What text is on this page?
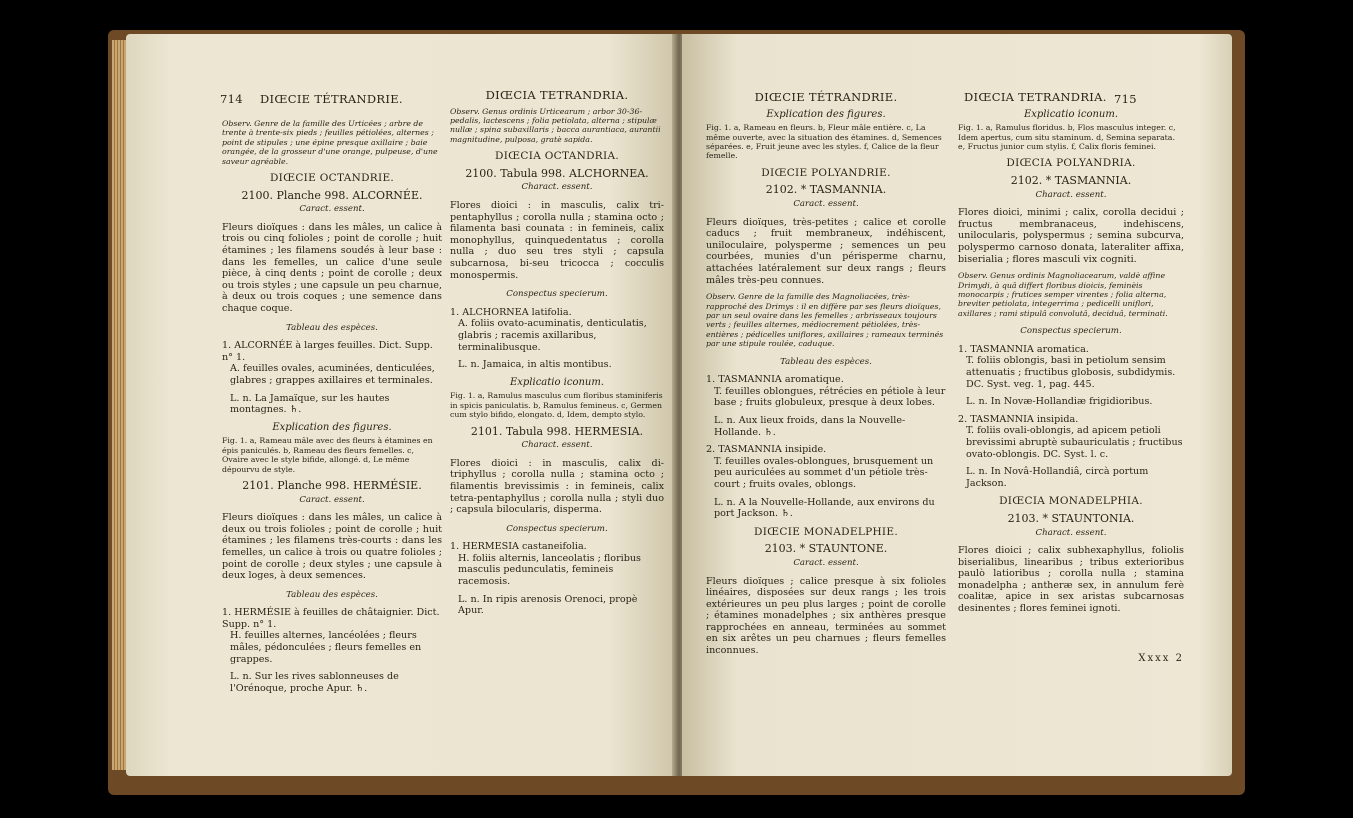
714 DIŒCIE TÉTRANDRIE.
Observ. Genre de la famille des Urticées ; arbre de trente à trente-six pieds ; feuilles pétiolées, alternes ; point de stipules ; une épine presque axillaire ; baie orangée, de la grosseur d'une orange, pulpeuse, d'une saveur agréable.
DIŒCIE OCTANDRIE.
2100. Planche 998. ALCORNÉE.
Caract. essent.
Fleurs dioïques : dans les mâles, un calice à trois ou cinq folioles ; point de corolle ; huit étamines ; les filamens soudés à leur base : dans les femelles, un calice d'une seule pièce, à cinq dents ; point de corolle ; deux ou trois styles ; une capsule un peu charnue, à deux ou trois coques ; une semence dans chaque coque.
Tableau des espèces.
1. ALCORNÉE à larges feuilles. Dict. Supp. n° 1.
A. feuilles ovales, acuminées, denticulées, glabres ; grappes axillaires et terminales.
L. n. La Jamaïque, sur les hautes montagnes. ♄.
Explication des figures.
Fig. 1. a, Rameau mâle avec des fleurs à étamines en épis paniculés. b, Rameau des fleurs femelles. c, Ovaire avec le style bifide, allongé. d, Le même dépourvu de style.
2101. Planche 998. HERMÉSIE.
Caract. essent.
Fleurs dioïques : dans les mâles, un calice à deux ou trois folioles ; point de corolle ; huit étamines ; les filamens très-courts : dans les femelles, un calice à trois ou quatre folioles ; point de corolle ; deux styles ; une capsule à deux loges, à deux semences.
Tableau des espèces.
1. HERMÉSIE à feuilles de châtaignier. Dict. Supp. n° 1.
H. feuilles alternes, lancéolées ; fleurs mâles, pédonculées ; fleurs femelles en grappes.
L. n. Sur les rives sablonneuses de l'Orénoque, proche Apur. ♄.
DIŒCIA TETRANDRIA.
Observ. Genus ordinis Urticearum ; arbor 30-36-pedalis, lactescens ; folia petiolata, alterna ; stipulæ nullæ ; spina subaxillaris ; bacca aurantiaca, aurantii magnitudine, pulposa, gratè sapida.
DIŒCIA OCTANDRIA.
2100. Tabula 998. ALCHORNEA.
Charact. essent.
Flores dioici : in masculis, calix tri-pentaphyllus ; corolla nulla ; stamina octo ; filamenta basi counata : in femineis, calix monophyllus, quinquedentatus ; corolla nulla ; duo seu tres styli ; capsula subcarnosa, bi-seu tricocca ; cocculis monospermis.
Conspectus specierum.
1. ALCHORNEA latifolia.
A. foliis ovato-acuminatis, denticulatis, glabris ; racemis axillaribus, terminalibusque.
L. n. Jamaica, in altis montibus.
Explicatio iconum.
Fig. 1. a, Ramulus masculus cum floribus staminiferis in spicis paniculatis. b, Ramulus femineus. c, Germen cum stylo bifido, elongato. d, Idem, dempto stylo.
2101. Tabula 998. HERMESIA.
Charact. essent.
Flores dioici : in masculis, calix di-triphyllus ; corolla nulla ; stamina octo ; filamentis brevissimis : in femineis, calix tetra-pentaphyllus ; corolla nulla ; styli duo ; capsula bilocularis, disperma.
Conspectus specierum.
1. HERMESIA castaneifolia.
H. foliis alternis, lanceolatis ; floribus masculis pedunculatis, femineis racemosis.
L. n. In ripis arenosis Orenoci, propè Apur.
DIŒCIE TÉTRANDRIE.
Explication des figures.
Fig. 1. a, Rameau en fleurs. b, Fleur mâle entière. c, La même ouverte, avec la situation des étamines. d, Semences séparées. e, Fruit jeune avec les styles. f, Calice de la fleur femelle.
DIŒCIE POLYANDRIE.
2102. * TASMANNIA.
Caract. essent.
Fleurs dioïques, très-petites ; calice et corolle caducs ; fruit membraneux, indéhiscent, uniloculaire, polysperme ; semences un peu courbées, munies d'un périsperme charnu, attachées latéralement sur deux rangs ; fleurs mâles très-peu connues.
Observ. Genre de la famille des Magnoliacées, très-rapproché des Drimys : il en diffère par ses fleurs dioïques, par un seul ovaire dans les femelles ; arbrisseaux toujours verts ; feuilles alternes, médiocrement pétiolées, très-entières ; pédicelles uniflores, axillaires ; rameaux terminés par une stipule roulée, caduque.
Tableau des espèces.
1. TASMANNIA aromatique.
T. feuilles oblongues, rétrécies en pétiole à leur base ; fruits globuleux, presque à deux lobes.
L. n. Aux lieux froids, dans la Nouvelle-Hollande. ♄.
2. TASMANNIA insipide.
T. feuilles ovales-oblongues, brusquement un peu auriculées au sommet d'un pétiole très-court ; fruits ovales, oblongs.
L. n. A la Nouvelle-Hollande, aux environs du port Jackson. ♄.
DIŒCIE MONADELPHIE.
2103. * STAUNTONE.
Caract. essent.
Fleurs dioïques ; calice presque à six folioles linéaires, disposées sur deux rangs ; les trois extérieures un peu plus larges ; point de corolle ; étamines monadelphes ; six anthères presque rapprochées en anneau, terminées au sommet en six arêtes un peu charnues ; fleurs femelles inconnues.
715
DIŒCIA TETRANDRIA.
Explicatio iconum.
Fig. 1. a, Ramulus floridus. b, Flos masculus integer. c, Idem apertus, cum situ staminum. d, Semina separata. e, Fructus junior cum stylis. f, Calix floris feminei.
DIŒCIA POLYANDRIA.
2102. * TASMANNIA.
Charact. essent.
Flores dioici, minimi ; calix, corolla decidui ; fructus membranaceus, indehiscens, unilocularis, polyspermus ; semina subcurva, polyspermo carnoso donata, lateraliter affixa, biserialia ; flores masculi vix cogniti.
Observ. Genus ordinis Magnoliacearum, valdè affine Drimydi, à quâ differt floribus dioicis, feminèis monocarpis ; frutices semper virentes ; folia alterna, breviter petiolata, integerrima ; pedicelli uniflori, axillares ; rami stipulâ convolutâ, deciduâ, terminati.
Conspectus specierum.
1. TASMANNIA aromatica.
T. foliis oblongis, basi in petiolum sensim attenuatis ; fructibus globosis, subdidymis. DC. Syst. veg. 1, pag. 445.
L. n. In Novæ-Hollandiæ frigidioribus.
2. TASMANNIA insipida.
T. foliis ovali-oblongis, ad apicem petioli brevissimi abruptè subauriculatis ; fructibus ovato-oblongis. DC. Syst. l. c.
L. n. In Novâ-Hollandiâ, circà portum Jackson.
DIŒCIA MONADELPHIA.
2103. * STAUNTONIA.
Charact. essent.
Flores dioici ; calix subhexaphyllus, foliolis biserialibus, linearibus ; tribus exterioribus paulò latioribus ; corolla nulla ; stamina monadelpha ; antheræ sex, in annulum ferè coalitæ, apice in sex aristas subcarnosas desinentes ; flores feminei ignoti.
Xxxx 2
